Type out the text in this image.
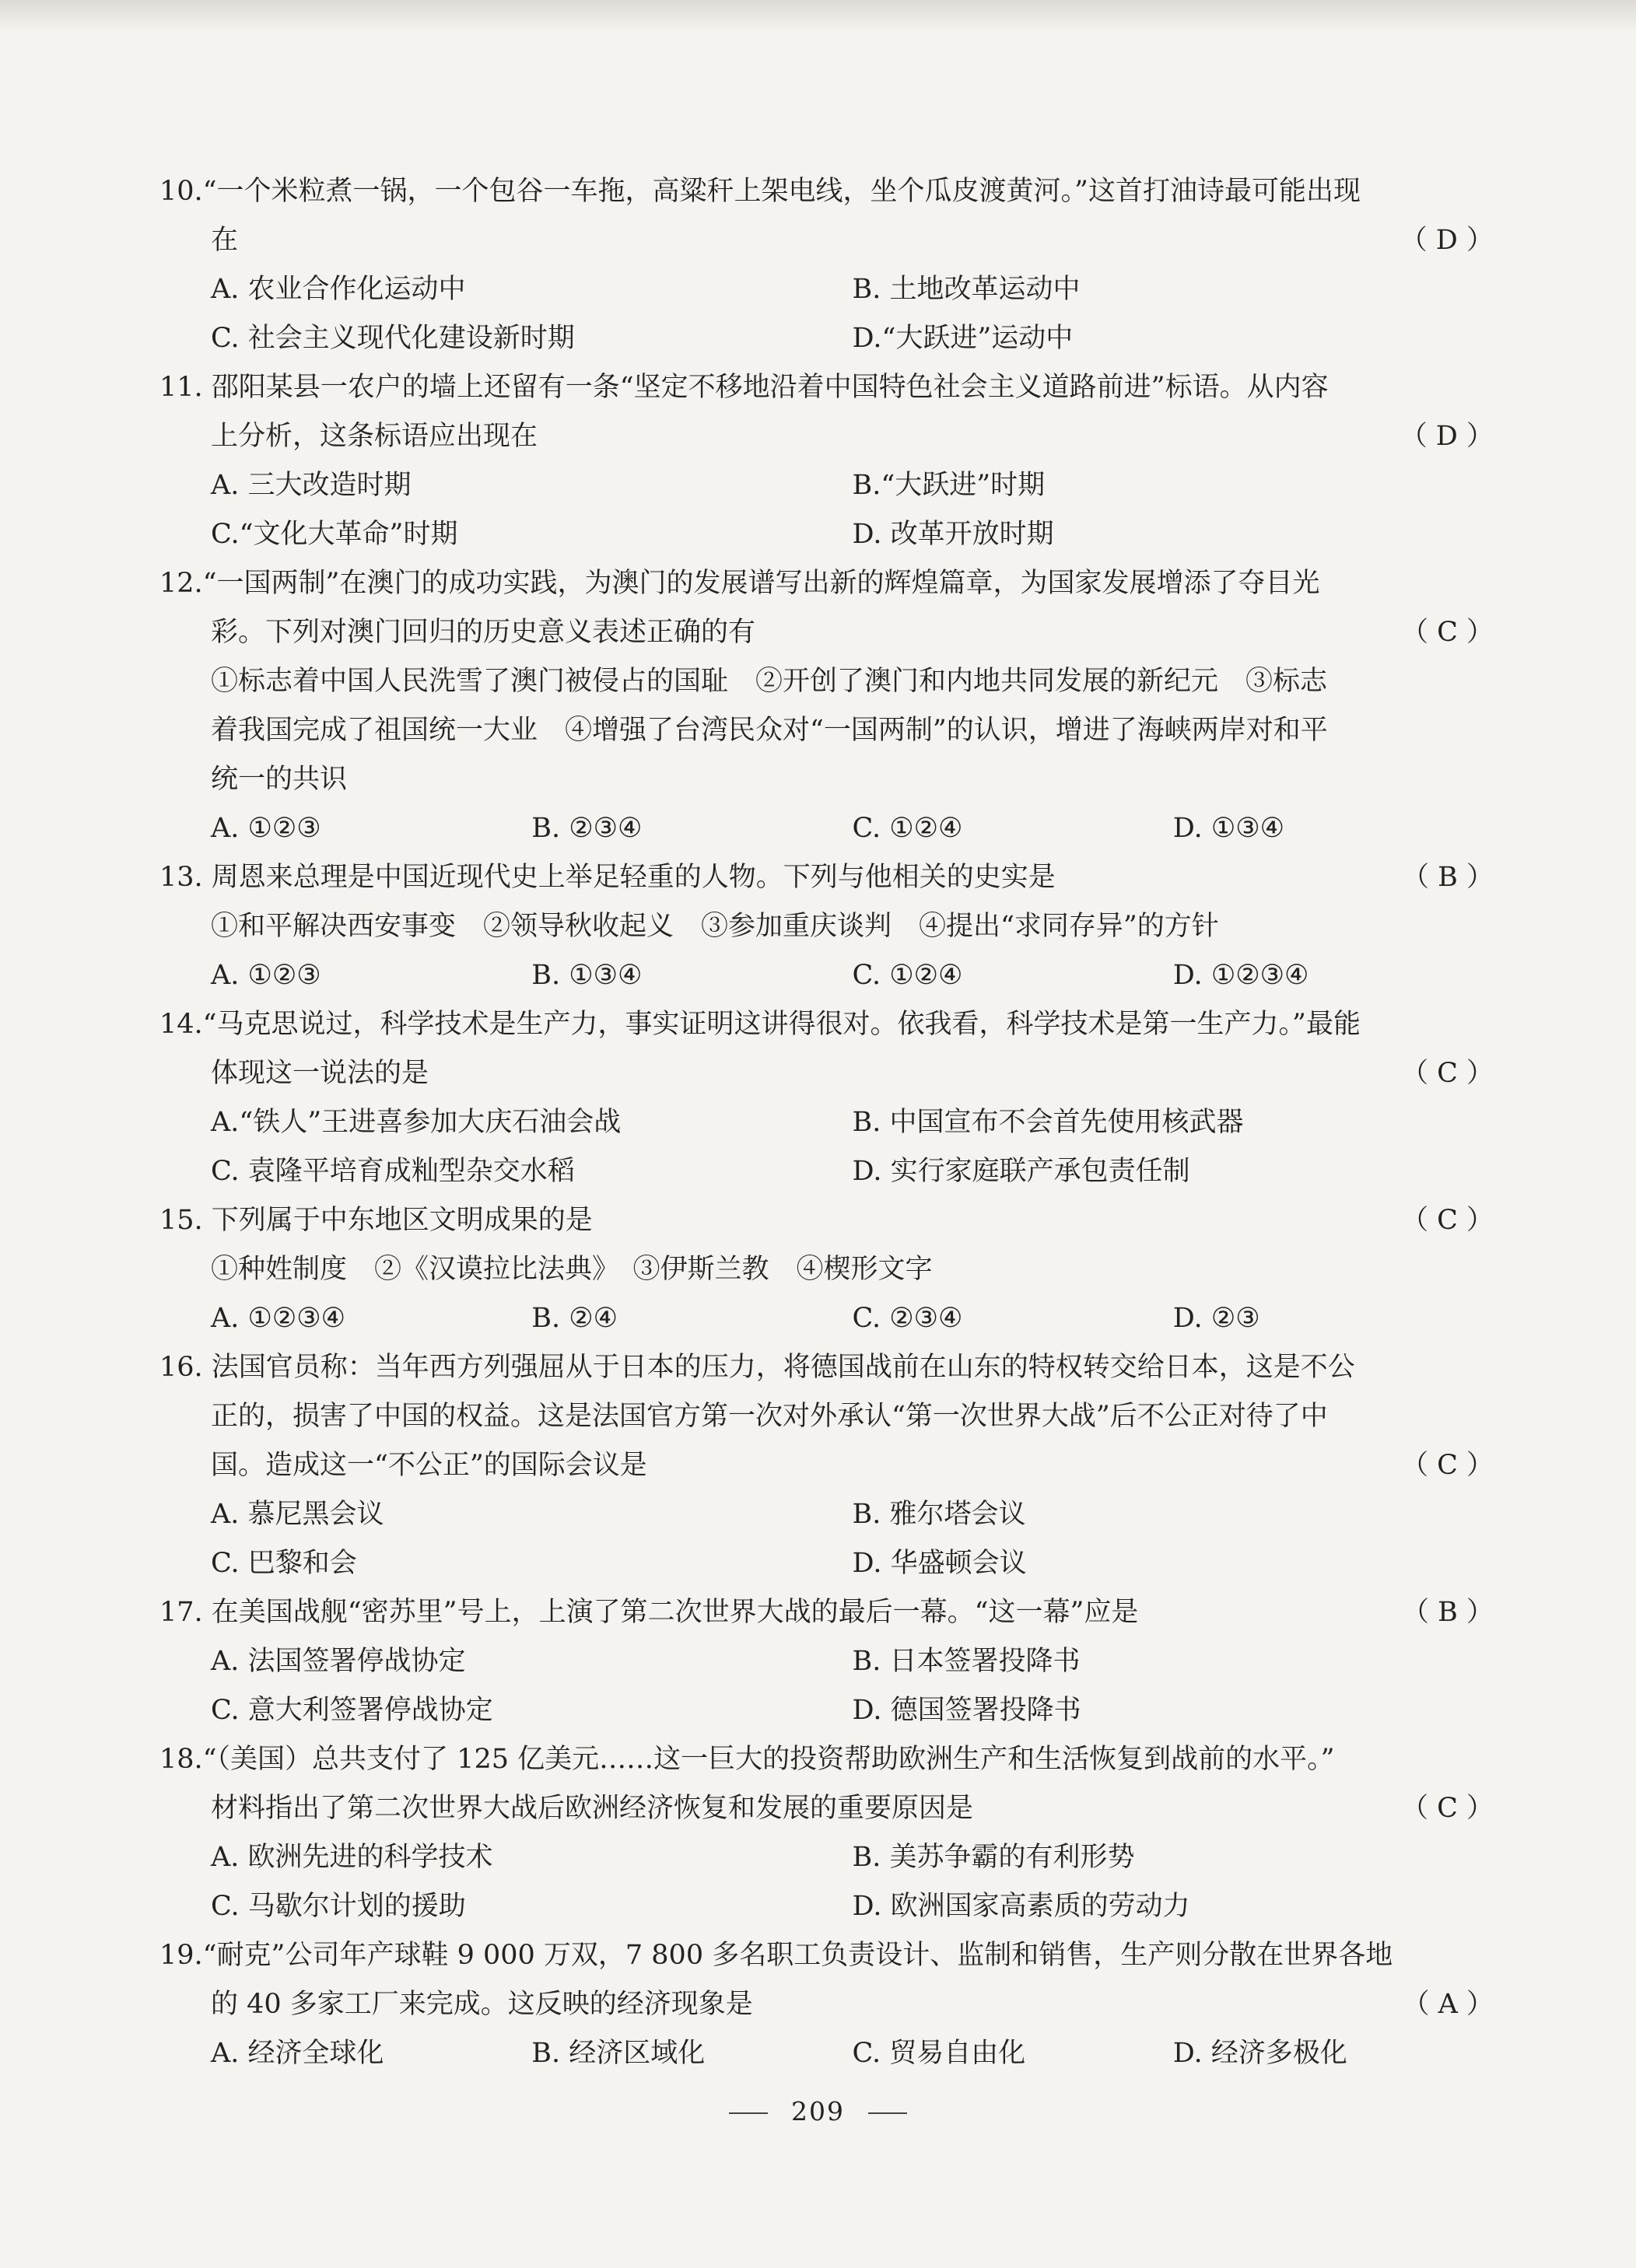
10.“一个米粒煮一锅，一个包谷一车拖，高粱秆上架电线，坐个瓜皮渡黄河。”这首打油诗最可能出现
在	（ D ）
A. 农业合作化运动中	B. 土地改革运动中
C. 社会主义现代化建设新时期	D.“大跃进”运动中
11. 邵阳某县一农户的墙上还留有一条“坚定不移地沿着中国特色社会主义道路前进”标语。从内容
上分析，这条标语应出现在	（ D ）
A. 三大改造时期	B.“大跃进”时期
C.“文化大革命”时期	D. 改革开放时期
12.“一国两制”在澳门的成功实践，为澳门的发展谱写出新的辉煌篇章，为国家发展增添了夺目光
彩。下列对澳门回归的历史意义表述正确的有	（ C ）
①标志着中国人民洗雪了澳门被侵占的国耻　②开创了澳门和内地共同发展的新纪元　③标志
着我国完成了祖国统一大业　④增强了台湾民众对“一国两制”的认识，增进了海峡两岸对和平
统一的共识
A. ①②③	B. ②③④	C. ①②④	D. ①③④
13. 周恩来总理是中国近现代史上举足轻重的人物。下列与他相关的史实是	（ B ）
①和平解决西安事变　②领导秋收起义　③参加重庆谈判　④提出“求同存异”的方针
A. ①②③	B. ①③④	C. ①②④	D. ①②③④
14.“马克思说过，科学技术是生产力，事实证明这讲得很对。依我看，科学技术是第一生产力。”最能
体现这一说法的是	（ C ）
A.“铁人”王进喜参加大庆石油会战	B. 中国宣布不会首先使用核武器
C. 袁隆平培育成籼型杂交水稻	D. 实行家庭联产承包责任制
15. 下列属于中东地区文明成果的是	（ C ）
①种姓制度　②《汉谟拉比法典》　③伊斯兰教　④楔形文字
A. ①②③④	B. ②④	C. ②③④	D. ②③
16. 法国官员称：当年西方列强屈从于日本的压力，将德国战前在山东的特权转交给日本，这是不公
正的，损害了中国的权益。这是法国官方第一次对外承认“第一次世界大战”后不公正对待了中
国。造成这一“不公正”的国际会议是	（ C ）
A. 慕尼黑会议	B. 雅尔塔会议
C. 巴黎和会	D. 华盛顿会议
17. 在美国战舰“密苏里”号上，上演了第二次世界大战的最后一幕。“这一幕”应是	（ B ）
A. 法国签署停战协定	B. 日本签署投降书
C. 意大利签署停战协定	D. 德国签署投降书
18.“（美国）总共支付了 125 亿美元……这一巨大的投资帮助欧洲生产和生活恢复到战前的水平。”
材料指出了第二次世界大战后欧洲经济恢复和发展的重要原因是	（ C ）
A. 欧洲先进的科学技术	B. 美苏争霸的有利形势
C. 马歇尔计划的援助	D. 欧洲国家高素质的劳动力
19.“耐克”公司年产球鞋 9 000 万双，7 800 多名职工负责设计、监制和销售，生产则分散在世界各地
的 40 多家工厂来完成。这反映的经济现象是	（ A ）
A. 经济全球化	B. 经济区域化	C. 贸易自由化	D. 经济多极化
209
